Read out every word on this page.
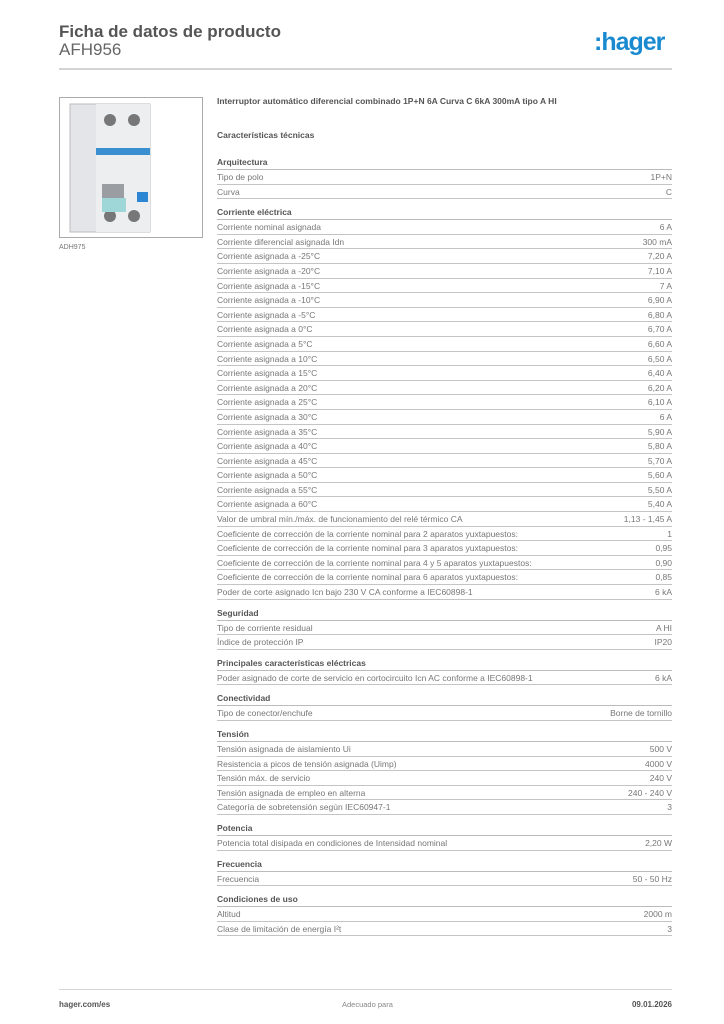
Ficha de datos de producto
AFH956	:hager
ADH975
Interruptor automático diferencial combinado 1P+N 6A Curva C 6kA 300mA tipo A HI
Características técnicas
Arquitectura
Tipo de polo	1P+N
Curva	C
Corriente eléctrica
Corriente nominal asignada	6 A
Corriente diferencial asignada Idn	300 mA
Corriente asignada a -25°C	7,20 A
Corriente asignada a -20°C	7,10 A
Corriente asignada a -15°C	7 A
Corriente asignada a -10°C	6,90 A
Corriente asignada a -5°C	6,80 A
Corriente asignada a 0°C	6,70 A
Corriente asignada a 5°C	6,60 A
Corriente asignada a 10°C	6,50 A
Corriente asignada a 15°C	6,40 A
Corriente asignada a 20°C	6,20 A
Corriente asignada a 25°C	6,10 A
Corriente asignada a 30°C	6 A
Corriente asignada a 35°C	5,90 A
Corriente asignada a 40°C	5,80 A
Corriente asignada a 45°C	5,70 A
Corriente asignada a 50°C	5,60 A
Corriente asignada a 55°C	5,50 A
Corriente asignada a 60°C	5,40 A
Valor de umbral mín./máx. de funcionamiento del relé térmico CA	1,13 - 1,45 A
Coeficiente de corrección de la corriente nominal para 2 aparatos yuxtapuestos:	1
Coeficiente de corrección de la corriente nominal para 3 aparatos yuxtapuestos:	0,95
Coeficiente de corrección de la corriente nominal para 4 y 5 aparatos yuxtapuestos:	0,90
Coeficiente de corrección de la corriente nominal para 6 aparatos yuxtapuestos:	0,85
Poder de corte asignado Icn bajo 230 V CA conforme a IEC60898-1	6 kA
Seguridad
Tipo de corriente residual	A HI
Índice de protección IP	IP20
Principales características eléctricas
Poder asignado de corte de servicio en cortocircuito Icn AC conforme a IEC60898-1	6 kA
Conectividad
Tipo de conector/enchufe	Borne de tornillo
Tensión
Tensión asignada de aislamiento Ui	500 V
Resistencia a picos de tensión asignada (Uimp)	4000 V
Tensión máx. de servicio	240 V
Tensión asignada de empleo en alterna	240 - 240 V
Categoría de sobretensión según IEC60947-1	3
Potencia
Potencia total disipada en condiciones de Intensidad nominal	2,20 W
Frecuencia
Frecuencia	50 - 50 Hz
Condiciones de uso
Altitud	2000 m
Clase de limitación de energía I²t	3
hager.com/es	Adecuado para	09.01.2026
